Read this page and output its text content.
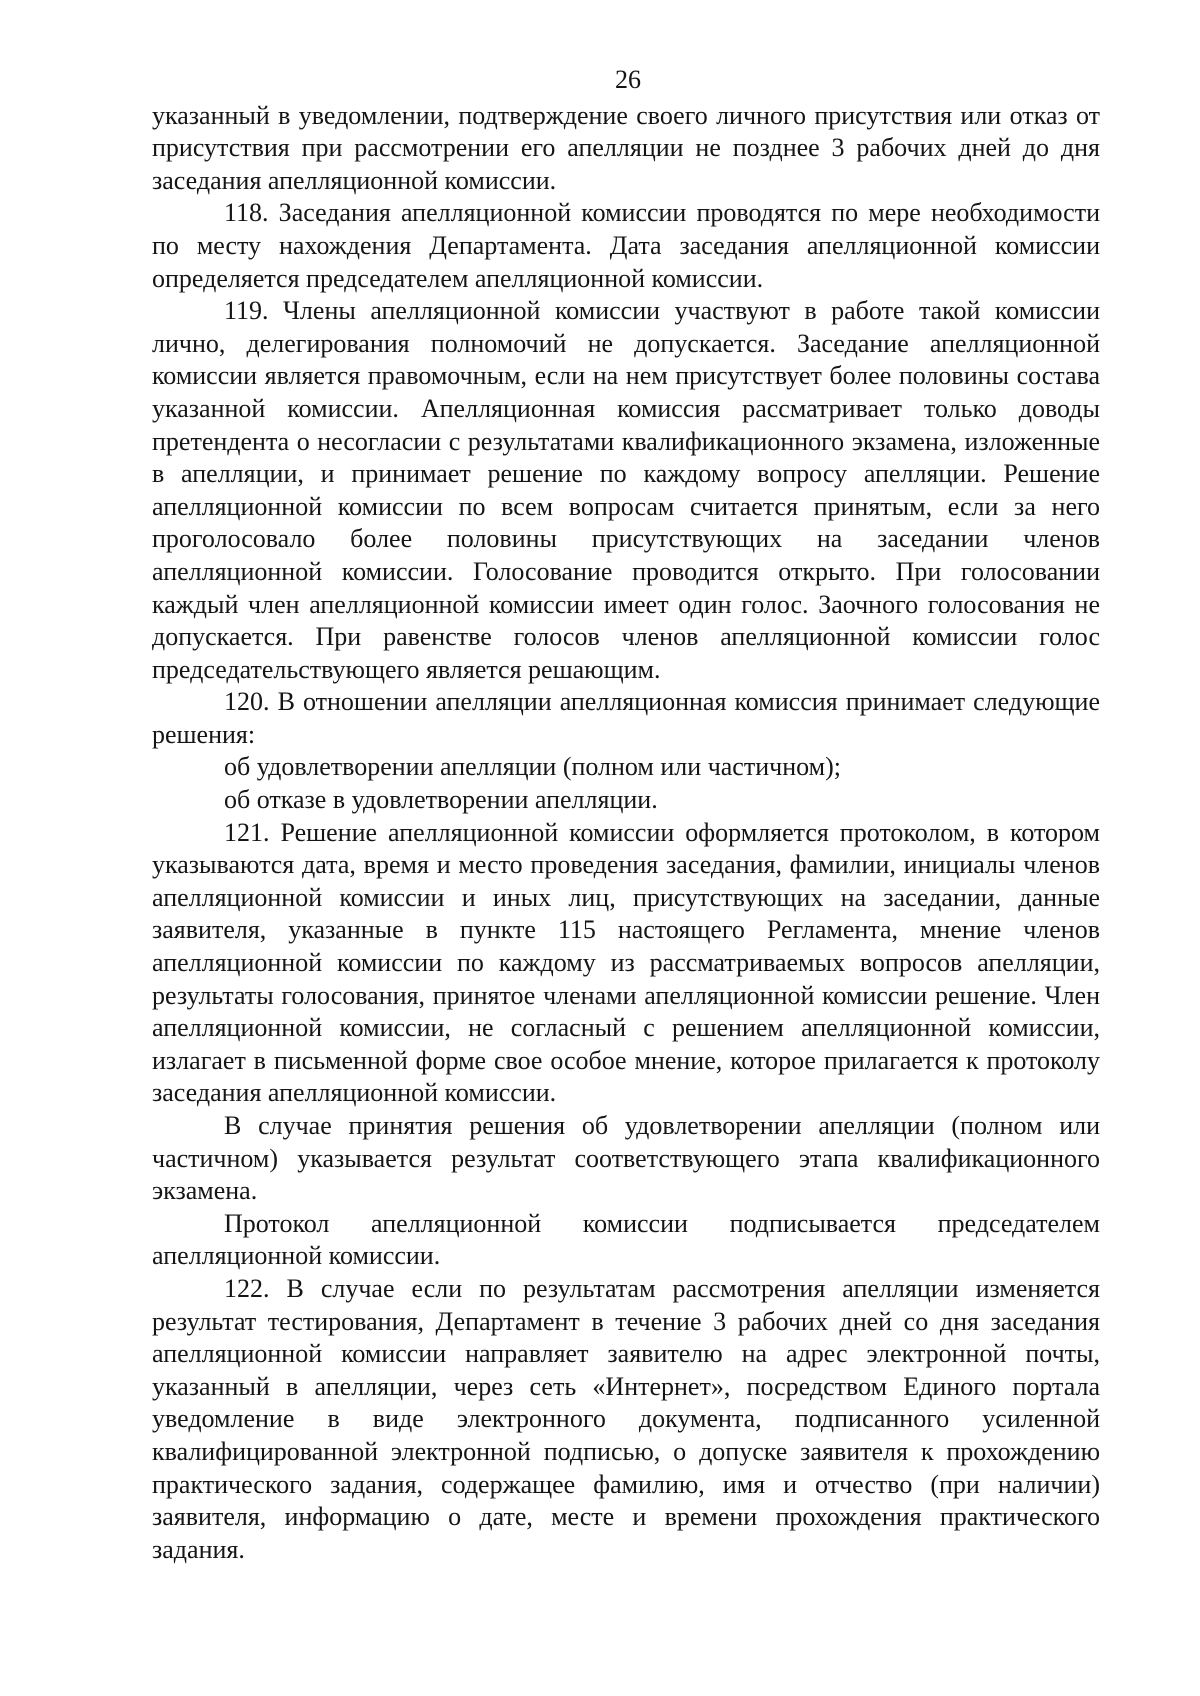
26

указанный в уведомлении, подтверждение своего личного присутствия или отказ от присутствия при рассмотрении его апелляции не позднее 3 рабочих дней до дня заседания апелляционной комиссии.

118. Заседания апелляционной комиссии проводятся по мере необходимости по месту нахождения Департамента. Дата заседания апелляционной комиссии определяется председателем апелляционной комиссии.

119. Члены апелляционной комиссии участвуют в работе такой комиссии лично, делегирования полномочий не допускается. Заседание апелляционной комиссии является правомочным, если на нем присутствует более половины состава указанной комиссии. Апелляционная комиссия рассматривает только доводы претендента о несогласии с результатами квалификационного экзамена, изложенные в апелляции, и принимает решение по каждому вопросу апелляции. Решение апелляционной комиссии по всем вопросам считается принятым, если за него проголосовало более половины присутствующих на заседании членов апелляционной комиссии. Голосование проводится открыто. При голосовании каждый член апелляционной комиссии имеет один голос. Заочного голосования не допускается. При равенстве голосов членов апелляционной комиссии голос председательствующего является решающим.

120. В отношении апелляции апелляционная комиссия принимает следующие решения:

об удовлетворении апелляции (полном или частичном);

об отказе в удовлетворении апелляции.

121. Решение апелляционной комиссии оформляется протоколом, в котором указываются дата, время и место проведения заседания, фамилии, инициалы членов апелляционной комиссии и иных лиц, присутствующих на заседании, данные заявителя, указанные в пункте 115 настоящего Регламента, мнение членов апелляционной комиссии по каждому из рассматриваемых вопросов апелляции, результаты голосования, принятое членами апелляционной комиссии решение. Член апелляционной комиссии, не согласный с решением апелляционной комиссии, излагает в письменной форме свое особое мнение, которое прилагается к протоколу заседания апелляционной комиссии.

В случае принятия решения об удовлетворении апелляции (полном или частичном) указывается результат соответствующего этапа квалификационного экзамена.

Протокол апелляционной комиссии подписывается председателем апелляционной комиссии.

122. В случае если по результатам рассмотрения апелляции изменяется результат тестирования, Департамент в течение 3 рабочих дней со дня заседания апелляционной комиссии направляет заявителю на адрес электронной почты, указанный в апелляции, через сеть «Интернет», посредством Единого портала уведомление в виде электронного документа, подписанного усиленной квалифицированной электронной подписью, о допуске заявителя к прохождению практического задания, содержащее фамилию, имя и отчество (при наличии) заявителя, информацию о дате, месте и времени прохождения практического задания.
